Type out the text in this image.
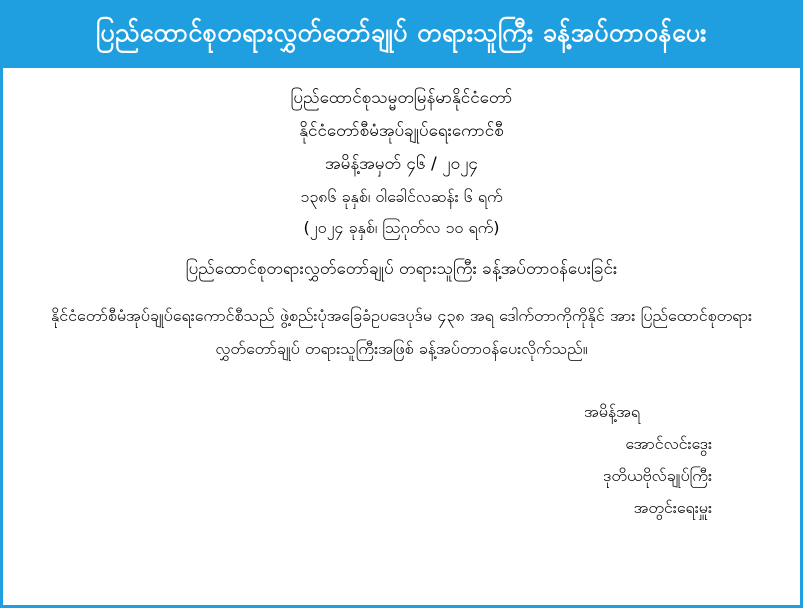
ပြည်ထောင်စုတရားလွှတ်တော်ချုပ် တရားသူကြီး ခန့်အပ်တာဝန်ပေး
ပြည်ထောင်စုသမ္မတမြန်မာနိုင်ငံတော်
နိုင်ငံတော်စီမံအုပ်ချုပ်ရေးကောင်စီ
အမိန့်အမှတ် ၄၆ / ၂၀၂၄
၁၃၈၆ ခုနှစ်၊ ဝါခေါင်လဆန်း ၆ ရက်
(၂၀၂၄ ခုနှစ်၊ သြဂုတ်လ ၁၀ ရက်)
ပြည်ထောင်စုတရားလွှတ်တော်ချုပ် တရားသူကြီး ခန့်အပ်တာဝန်ပေးခြင်း
နိုင်ငံတော်စီမံအုပ်ချုပ်ရေးကောင်စီသည် ဖွဲ့စည်းပုံအခြေခံဥပဒေပုဒ်မ ၄၃၈ အရ ဒေါက်တာကိုကိုနိုင် အား ပြည်ထောင်စုတရားလွှတ်တော်ချုပ် တရားသူကြီးအဖြစ် ခန့်အပ်တာဝန်ပေးလိုက်သည်။
အမိန့်အရ
အောင်လင်းဒွေး
ဒုတိယဗိုလ်ချုပ်ကြီး
အတွင်းရေးမှူး
